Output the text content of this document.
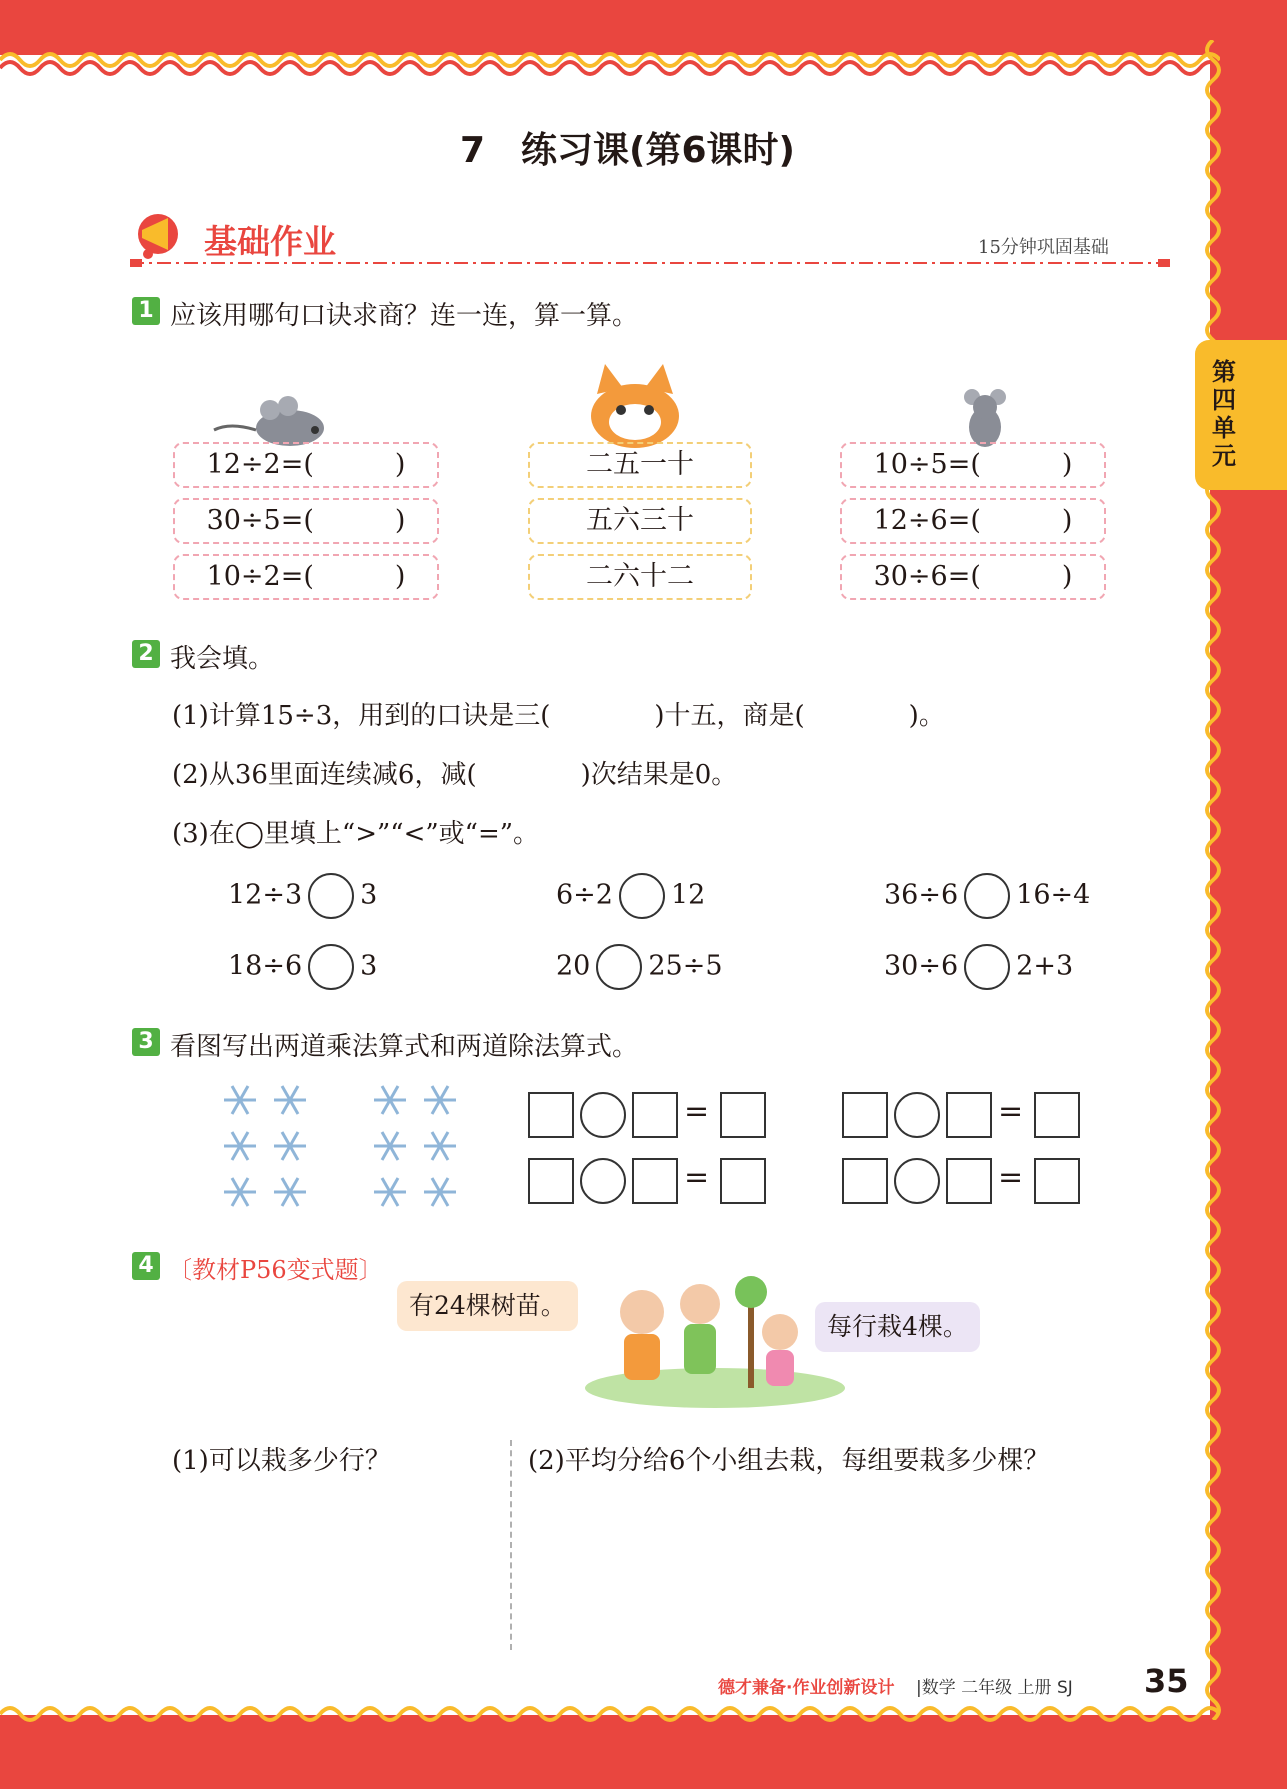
第四单元
7　练习课(第6课时)
基础作业	15分钟巩固基础
1 应该用哪句口诀求商？连一连，算一算。
12÷2=(　　　)
30÷5=(　　　)
10÷2=(　　　)
二五一十
五六三十
二六十二
10÷5=(　　　)
12÷6=(　　　)
30÷6=(　　　)
2 我会填。
(1)计算15÷3，用到的口诀是三(　　　　)十五，商是(　　　　)。
(2)从36里面连续减6，减(　　　　)次结果是0。
(3)在◯里填上“>”“<”或“=”。
12÷3 3	6÷2 12	36÷6 16÷4
18÷6 3	20 25÷5	30÷6 2+3
3 看图写出两道乘法算式和两道除法算式。
=
=
=
=
4 〔教材P56变式题〕
有24棵树苗。
每行栽4棵。
(1)可以栽多少行？	(2)平均分给6个小组去栽，每组要栽多少棵？
德才兼备·作业创新设计 |数学 二年级 上册 SJ 35
